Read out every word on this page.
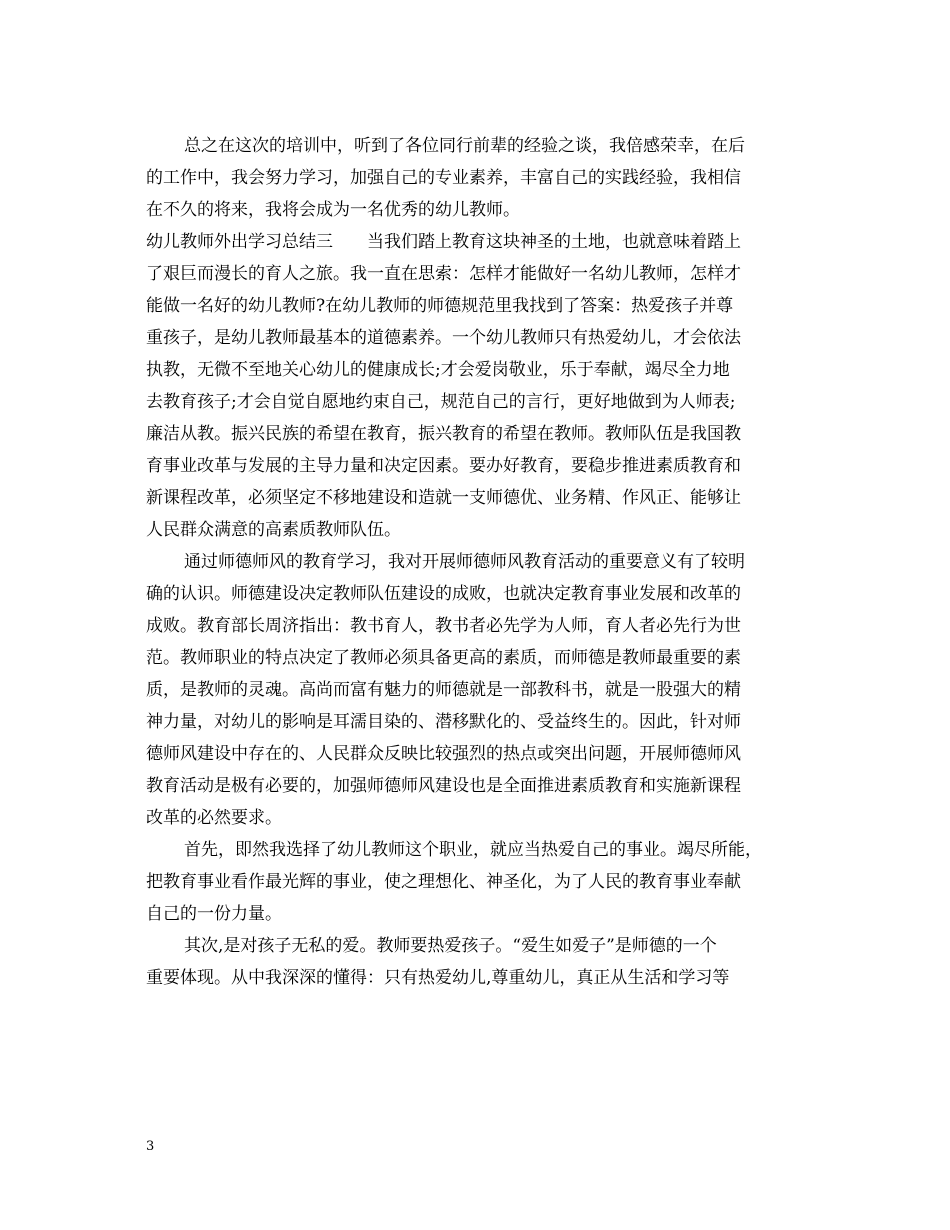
总之在这次的培训中，听到了各位同行前辈的经验之谈，我倍感荣幸，在后
的工作中，我会努力学习，加强自己的专业素养，丰富自己的实践经验，我相信
在不久的将来，我将会成为一名优秀的幼儿教师。
幼儿教师外出学习总结三　　当我们踏上教育这块神圣的土地，也就意味着踏上
了艰巨而漫长的育人之旅。我一直在思索：怎样才能做好一名幼儿教师，怎样才
能做一名好的幼儿教师?在幼儿教师的师德规范里我找到了答案：热爱孩子并尊
重孩子，是幼儿教师最基本的道德素养。一个幼儿教师只有热爱幼儿，才会依法
执教，无微不至地关心幼儿的健康成长;才会爱岗敬业，乐于奉献，竭尽全力地
去教育孩子;才会自觉自愿地约束自己，规范自己的言行，更好地做到为人师表;
廉洁从教。振兴民族的希望在教育，振兴教育的希望在教师。教师队伍是我国教
育事业改革与发展的主导力量和决定因素。要办好教育，要稳步推进素质教育和
新课程改革，必须坚定不移地建设和造就一支师德优、业务精、作风正、能够让
人民群众满意的高素质教师队伍。
通过师德师风的教育学习，我对开展师德师风教育活动的重要意义有了较明
确的认识。师德建设决定教师队伍建设的成败，也就决定教育事业发展和改革的
成败。教育部长周济指出：教书育人，教书者必先学为人师，育人者必先行为世
范。教师职业的特点决定了教师必须具备更高的素质，而师德是教师最重要的素
质，是教师的灵魂。高尚而富有魅力的师德就是一部教科书，就是一股强大的精
神力量，对幼儿的影响是耳濡目染的、潜移默化的、受益终生的。因此，针对师
德师风建设中存在的、人民群众反映比较强烈的热点或突出问题，开展师德师风
教育活动是极有必要的，加强师德师风建设也是全面推进素质教育和实施新课程
改革的必然要求。
首先，即然我选择了幼儿教师这个职业，就应当热爱自己的事业。竭尽所能，
把教育事业看作最光辉的事业，使之理想化、神圣化，为了人民的教育事业奉献
自己的一份力量。
其次,是对孩子无私的爱。教师要热爱孩子。“爱生如爱子”是师德的一个
重要体现。从中我深深的懂得：只有热爱幼儿,尊重幼儿，真正从生活和学习等
3
